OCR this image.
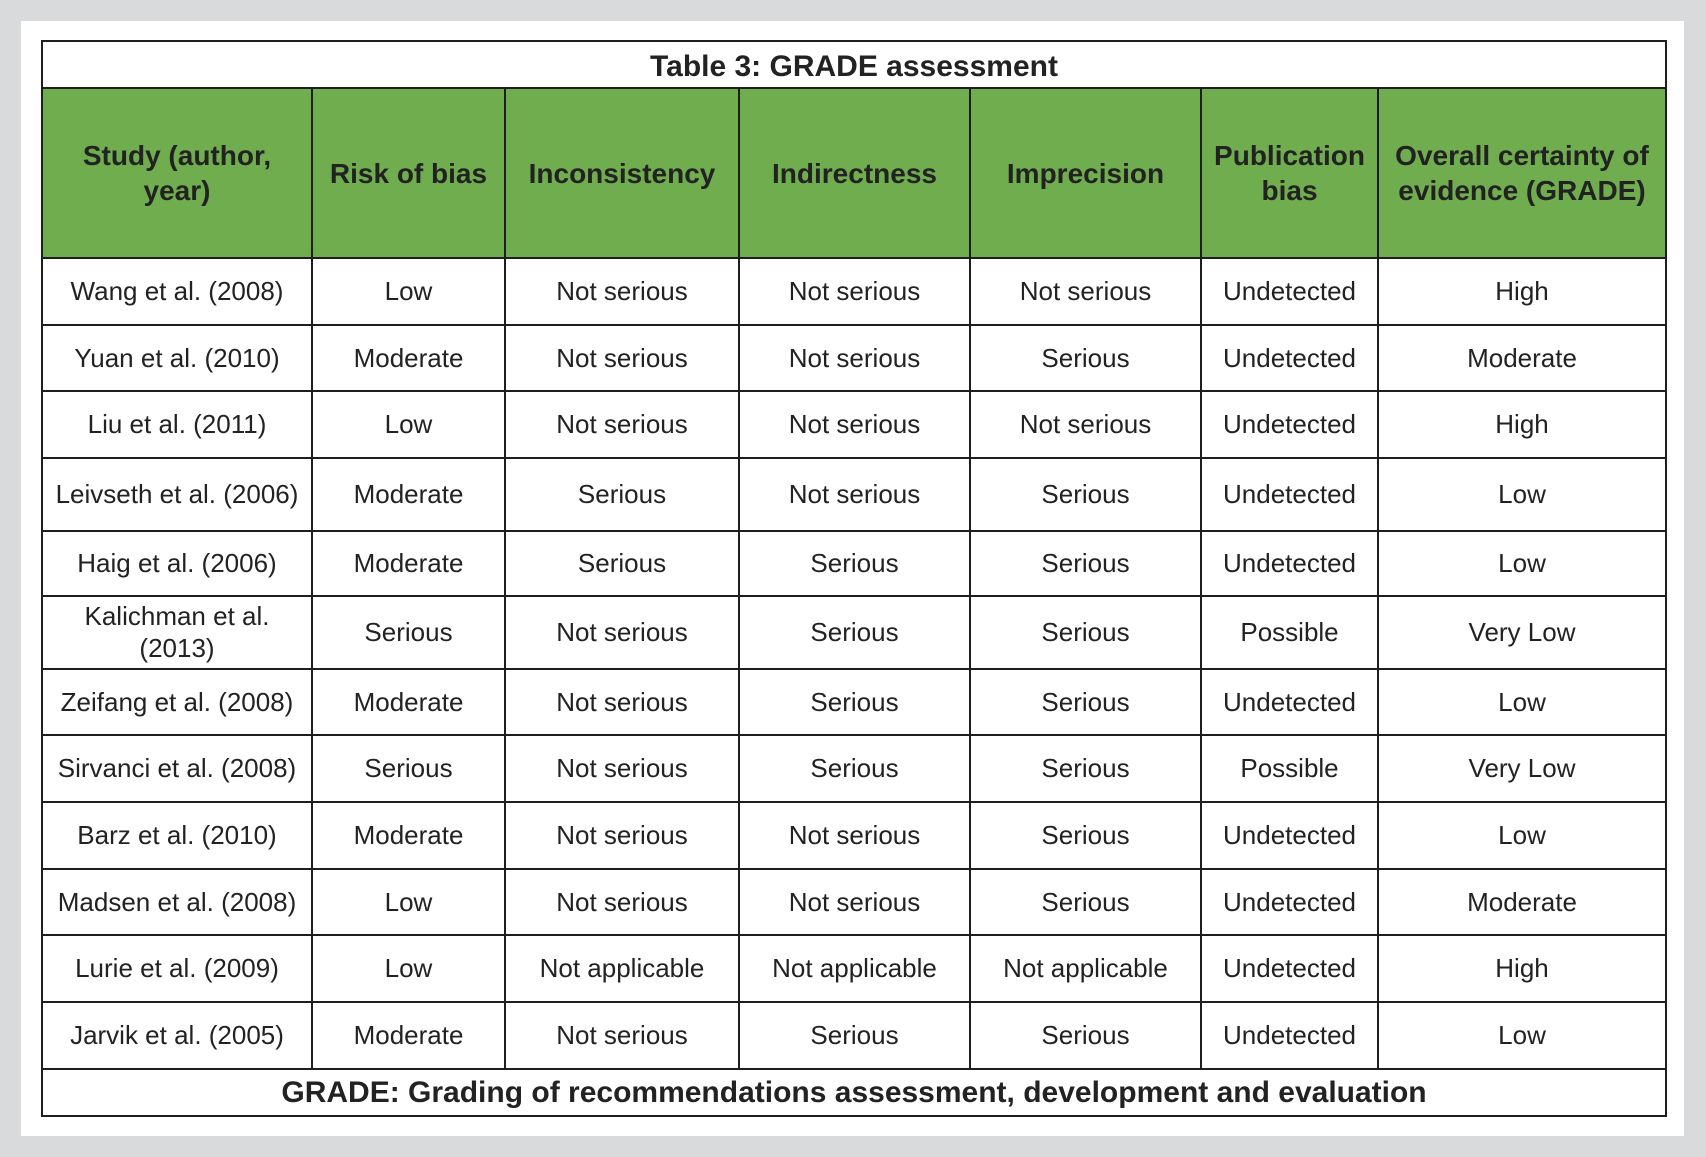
Table 3: GRADE assessment						
Study (author, year)	Risk of bias	Inconsistency	Indirectness	Imprecision	Publication bias	Overall certainty of evidence (GRADE)
Wang et al. (2008)	Low	Not serious	Not serious	Not serious	Undetected	High
Yuan et al. (2010)	Moderate	Not serious	Not serious	Serious	Undetected	Moderate
Liu et al. (2011)	Low	Not serious	Not serious	Not serious	Undetected	High
Leivseth et al. (2006)	Moderate	Serious	Not serious	Serious	Undetected	Low
Haig et al. (2006)	Moderate	Serious	Serious	Serious	Undetected	Low
Kalichman et al. (2013)	Serious	Not serious	Serious	Serious	Possible	Very Low
Zeifang et al. (2008)	Moderate	Not serious	Serious	Serious	Undetected	Low
Sirvanci et al. (2008)	Serious	Not serious	Serious	Serious	Possible	Very Low
Barz et al. (2010)	Moderate	Not serious	Not serious	Serious	Undetected	Low
Madsen et al. (2008)	Low	Not serious	Not serious	Serious	Undetected	Moderate
Lurie et al. (2009)	Low	Not applicable	Not applicable	Not applicable	Undetected	High
Jarvik et al. (2005)	Moderate	Not serious	Serious	Serious	Undetected	Low
GRADE: Grading of recommendations assessment, development and evaluation						
